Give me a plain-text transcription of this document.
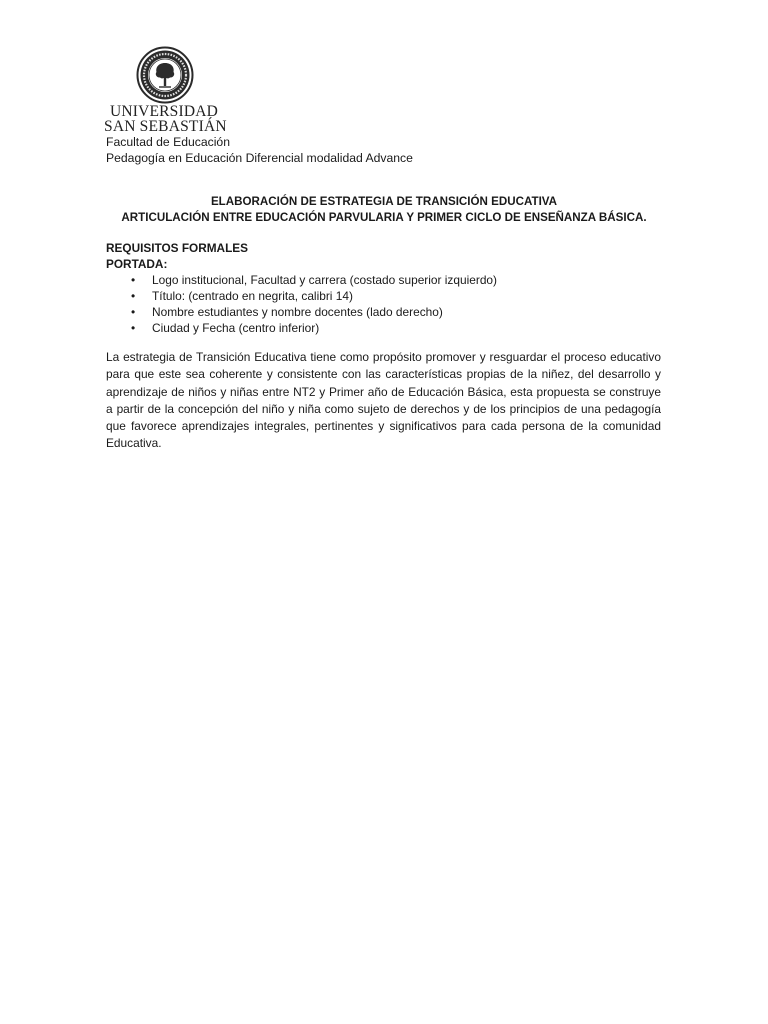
UNIVERSIDAD
SAN SEBASTIÁN
Facultad de Educación
Pedagogía en Educación Diferencial modalidad Advance
ELABORACIÓN DE ESTRATEGIA DE TRANSICIÓN EDUCATIVA
ARTICULACIÓN ENTRE EDUCACIÓN PARVULARIA Y PRIMER CICLO DE ENSEÑANZA BÁSICA.
REQUISITOS FORMALES
PORTADA:
• Logo institucional, Facultad y carrera (costado superior izquierdo)
• Título: (centrado en negrita, calibri 14)
• Nombre estudiantes y nombre docentes (lado derecho)
• Ciudad y Fecha (centro inferior)

La estrategia de Transición Educativa tiene como propósito promover y resguardar el proceso educativo para que este sea coherente y consistente con las características propias de la niñez, del desarrollo y aprendizaje de niños y niñas entre NT2 y Primer año de Educación Básica, esta propuesta se construye a partir de la concepción del niño y niña como sujeto de derechos y de los principios de una pedagogía que favorece aprendizajes integrales, pertinentes y significativos para cada persona de la comunidad Educativa.
